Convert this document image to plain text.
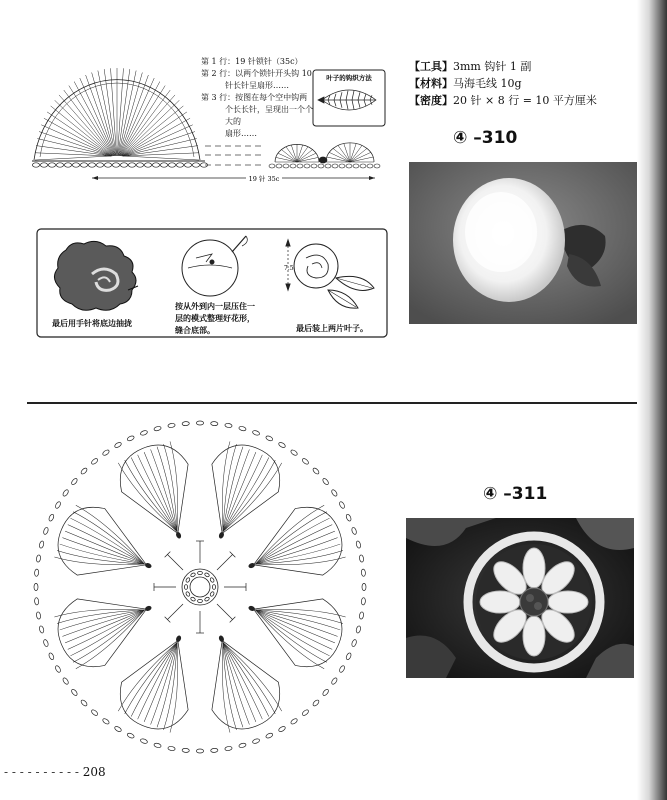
19 针 35c
叶子的钩织方法
第 1 行：19 针锁针（35c）
第 2 行：以两个锁针开头钩 10
针长针呈扇形……
第 3 行：按图在每个空中钩两
个长长针，呈现出一个个大的
扇形……
7.5
最后用手针将底边抽拢
按从外到内一层压住一
层的模式整理好花形，
缝合底部。	最后装上两片叶子。
【工具】3mm 钩针 1 副
【材料】马海毛线 10g
【密度】20 针 × 8 行 = 10 平方厘米
④ –310
④ –311
- - - - - - - - - - 208
